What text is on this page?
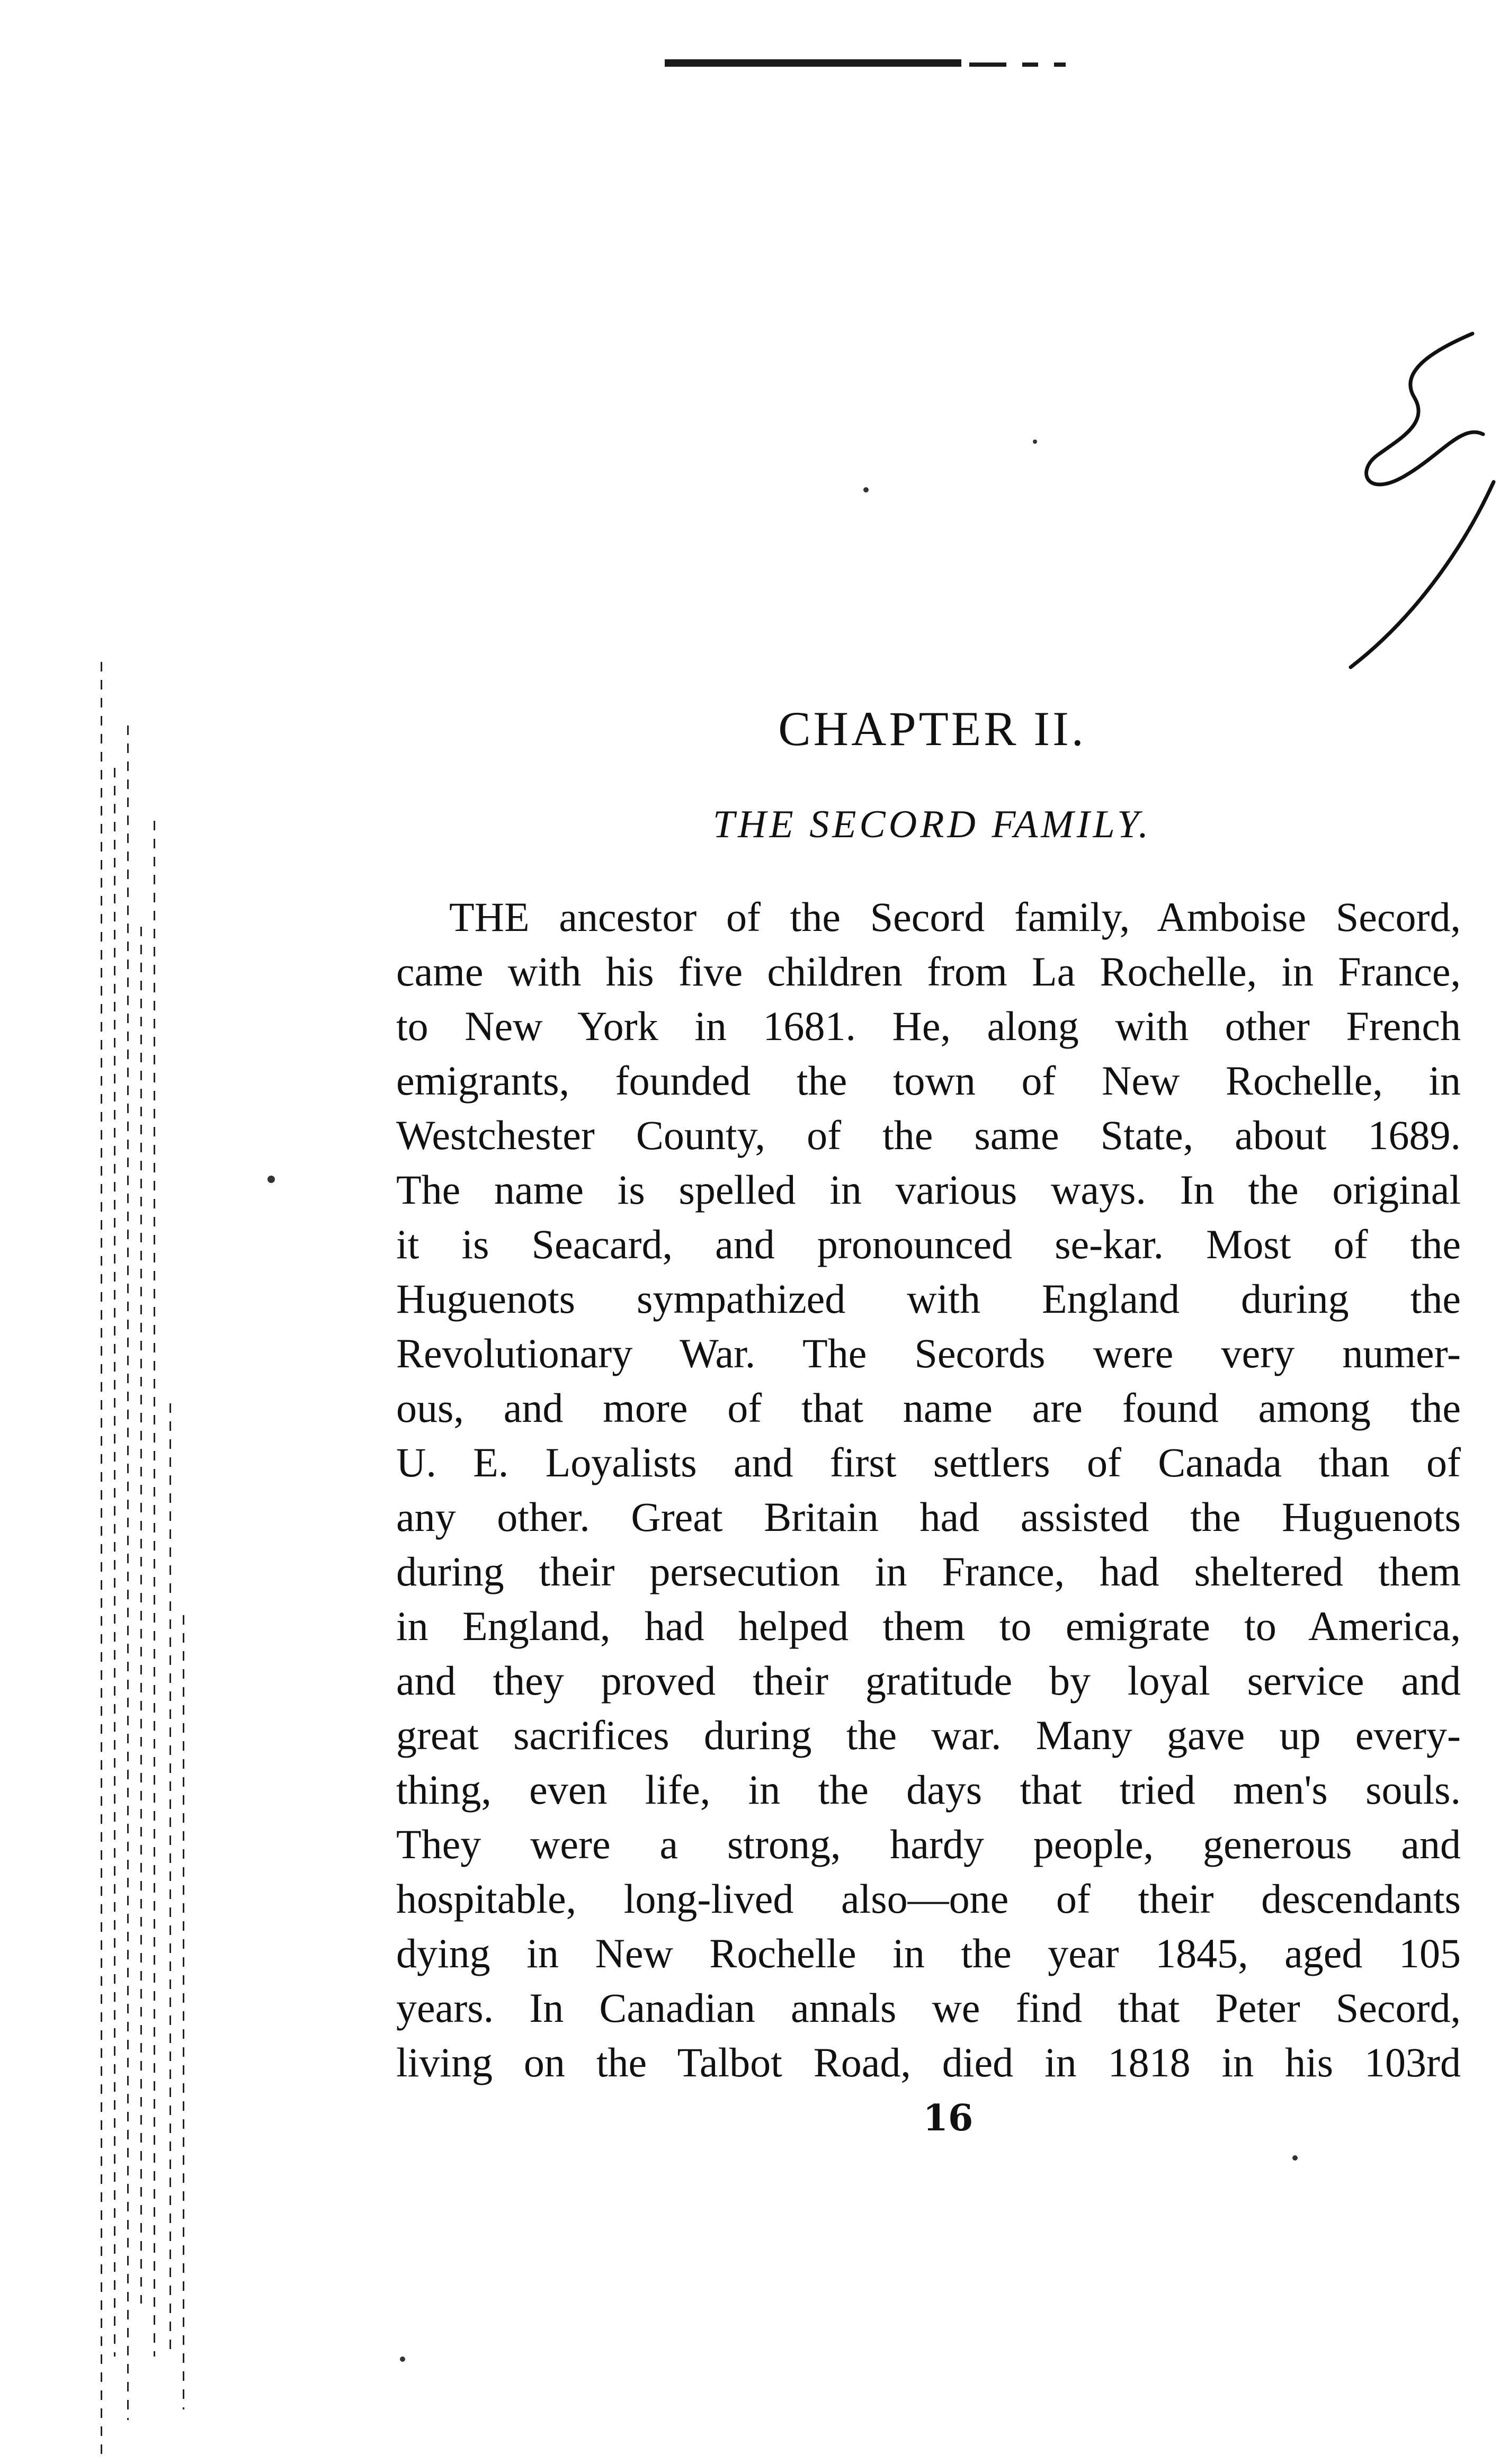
CHAPTER II.
THE SECORD FAMILY.
THE ancestor of the Secord family, Amboise Secord,
came with his five children from La Rochelle, in France,
to New York in 1681. He, along with other French
emigrants, founded the town of New Rochelle, in
Westchester County, of the same State, about 1689.
The name is spelled in various ways. In the original
it is Seacard, and pronounced se-kar. Most of the
Huguenots sympathized with England during the
Revolutionary War. The Secords were very numer-
ous, and more of that name are found among the
U. E. Loyalists and first settlers of Canada than of
any other. Great Britain had assisted the Huguenots
during their persecution in France, had sheltered them
in England, had helped them to emigrate to America,
and they proved their gratitude by loyal service and
great sacrifices during the war. Many gave up every-
thing, even life, in the days that tried men's souls.
They were a strong, hardy people, generous and
hospitable, long-lived also—one of their descendants
dying in New Rochelle in the year 1845, aged 105
years. In Canadian annals we find that Peter Secord,
living on the Talbot Road, died in 1818 in his 103rd
16
